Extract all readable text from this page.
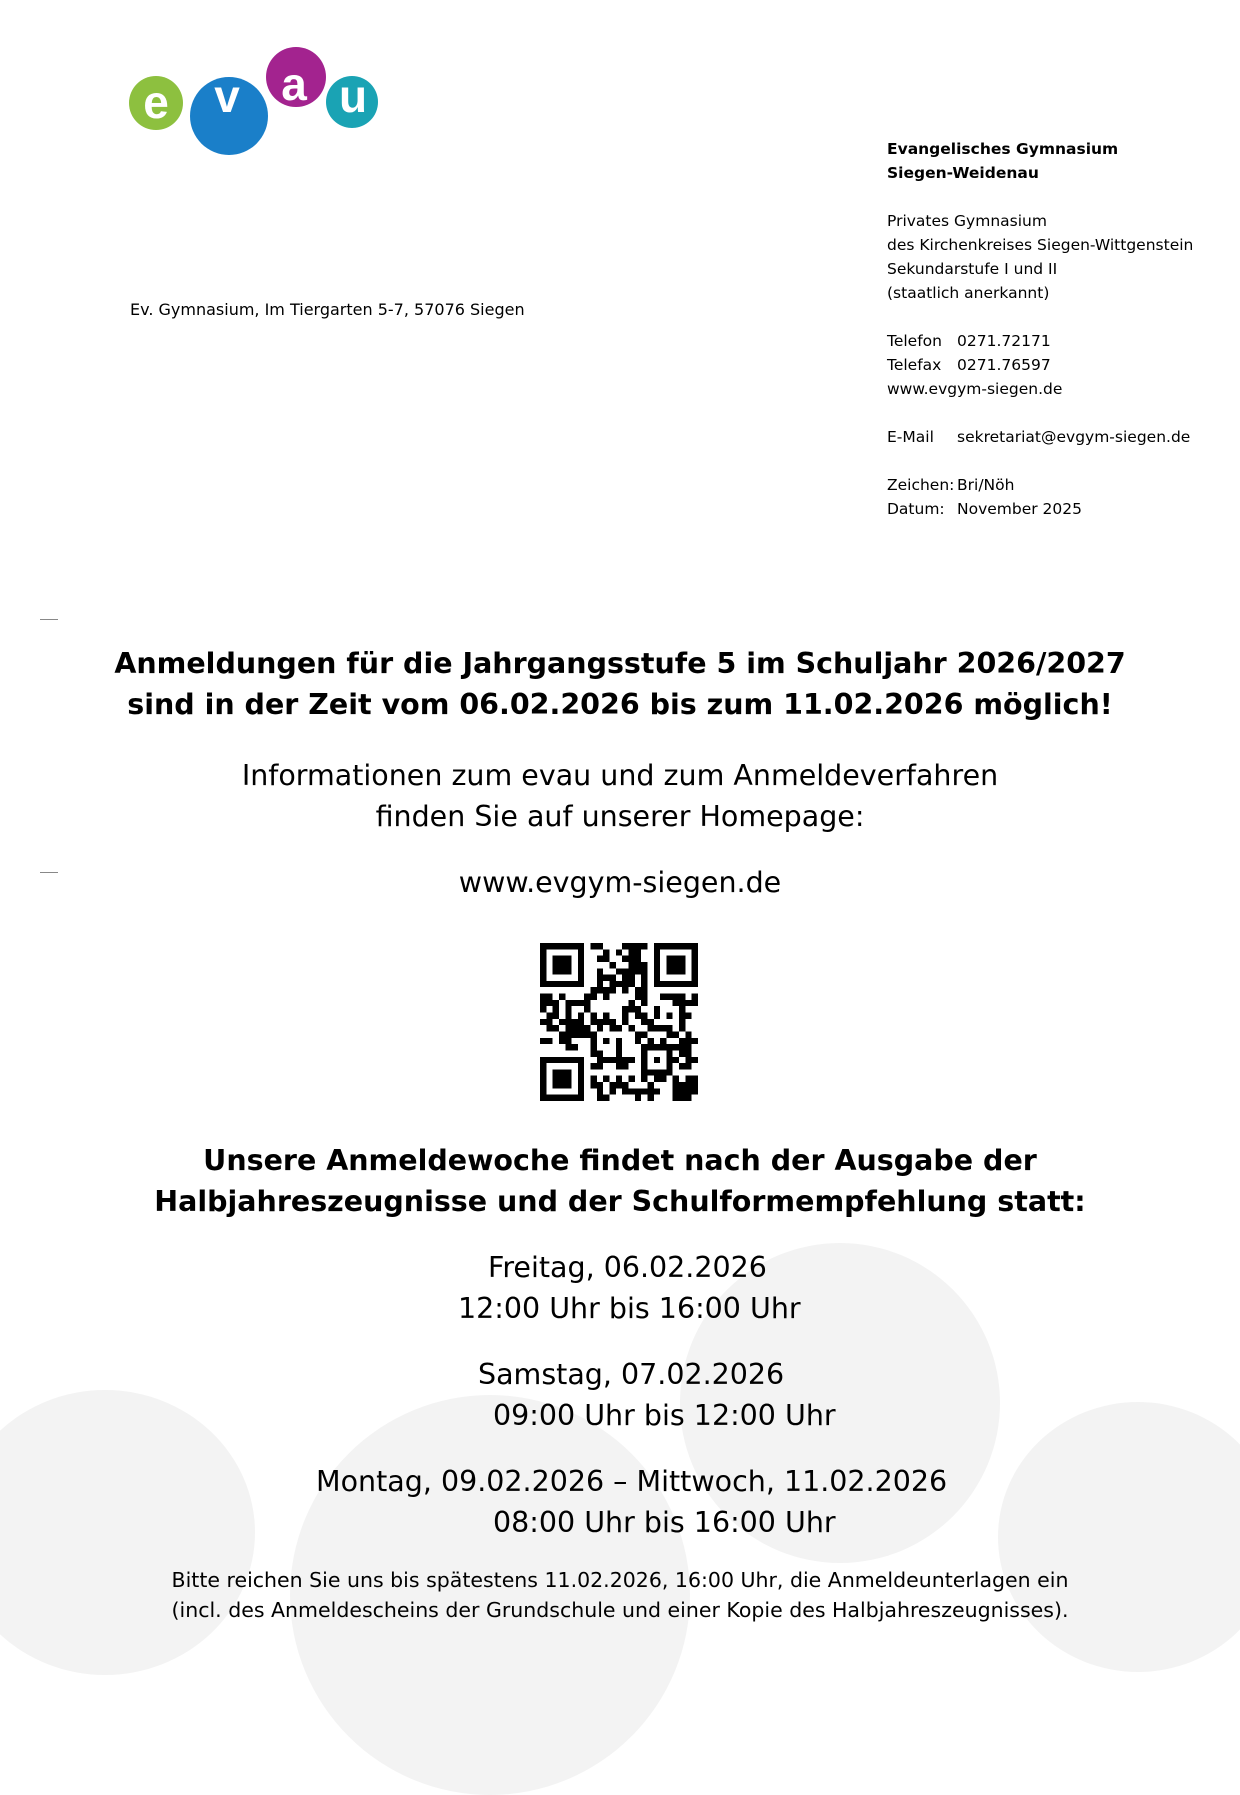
e v a u
Ev. Gymnasium, Im Tiergarten 5-7, 57076 Siegen
Evangelisches Gymnasium
Siegen-Weidenau
Privates Gymnasium
des Kirchenkreises Siegen-Wittgenstein
Sekundarstufe I und II
(staatlich anerkannt)
Telefon 0271.72171
Telefax 0271.76597
www.evgym-siegen.de
E-Mail sekretariat@evgym-siegen.de
Zeichen: Bri/Nöh
Datum: November 2025
Anmeldungen für die Jahrgangsstufe 5 im Schuljahr 2026/2027
sind in der Zeit vom 06.02.2026 bis zum 11.02.2026 möglich!
Informationen zum evau und zum Anmeldeverfahren
finden Sie auf unserer Homepage:
www.evgym-siegen.de
Unsere Anmeldewoche findet nach der Ausgabe der
Halbjahreszeugnisse und der Schulformempfehlung statt:
Freitag, 06.02.2026
12:00 Uhr bis 16:00 Uhr
Samstag, 07.02.2026
09:00 Uhr bis 12:00 Uhr
Montag, 09.02.2026 – Mittwoch, 11.02.2026
08:00 Uhr bis 16:00 Uhr
Bitte reichen Sie uns bis spätestens 11.02.2026, 16:00 Uhr, die Anmeldeunterlagen ein
(incl. des Anmeldescheins der Grundschule und einer Kopie des Halbjahreszeugnisses).
